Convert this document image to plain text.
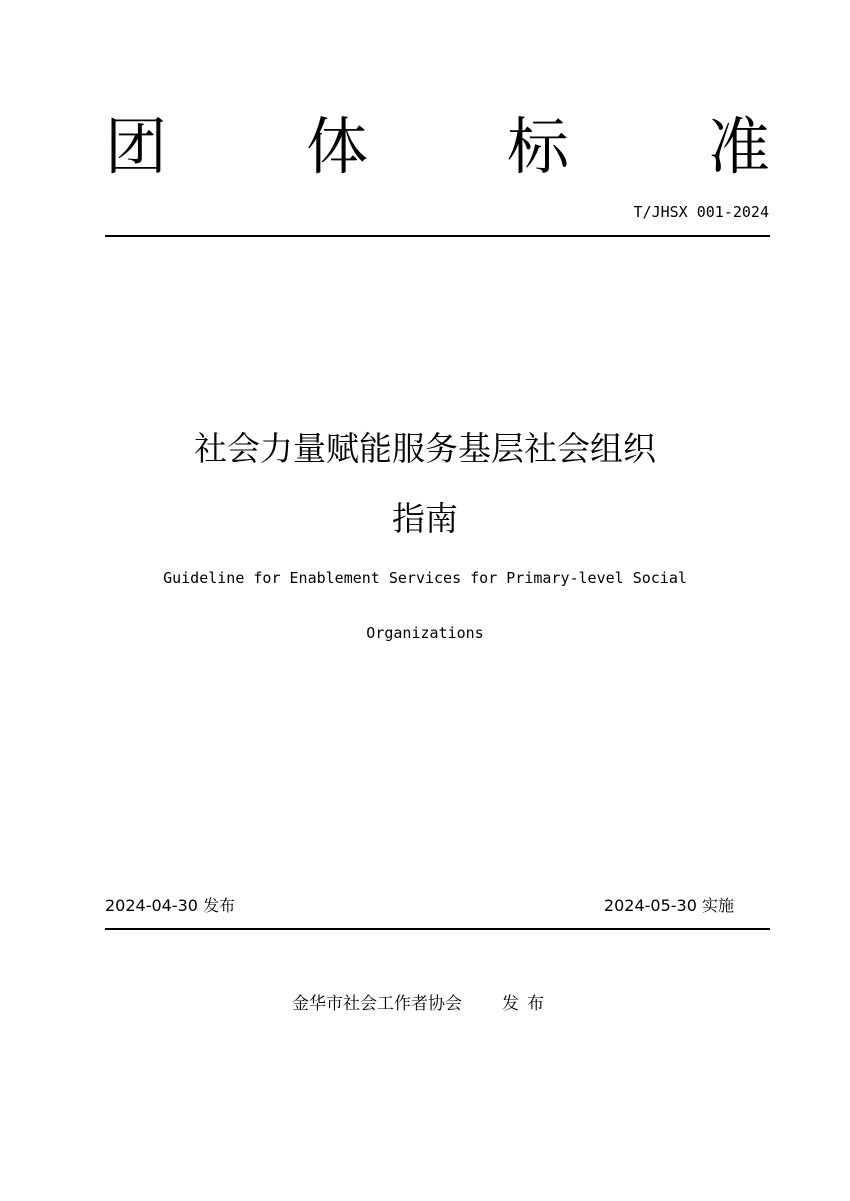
团 体 标 准
T/JHSX 001-2024
社会力量赋能服务基层社会组织
指南
Guideline for Enablement Services for Primary-level Social
Organizations
2024-04-30 发布	2024-05-30 实施
金华市社会工作者协会 发布
